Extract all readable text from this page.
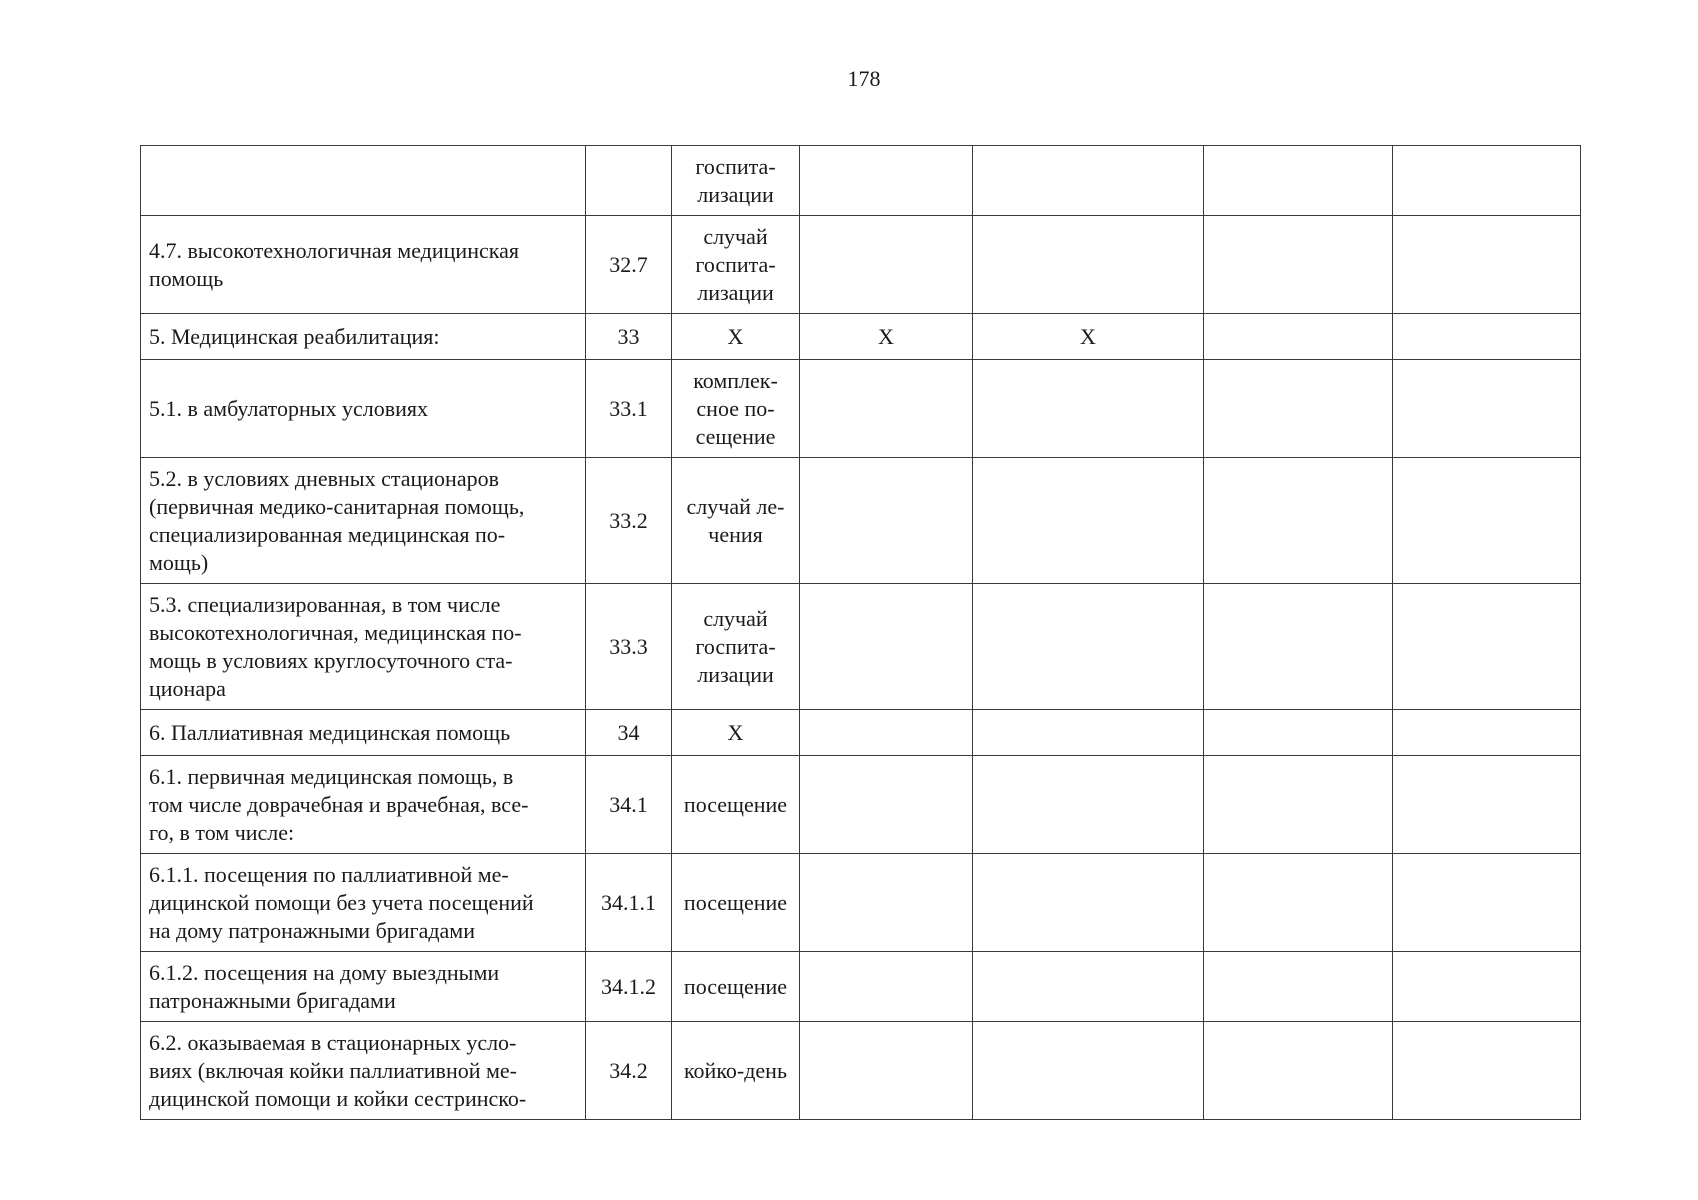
178

		госпита-
лизации				

4.7. высокотехнологичная медицинская помощь	32.7	случай
госпита-
лизации				

5. Медицинская реабилитация:	33	X	X	X		

5.1. в амбулаторных условиях	33.1	комплек-
сное по-
сещение				

5.2. в условиях дневных стационаров
(первичная медико-санитарная помощь,
специализированная медицинская по-
мощь)	33.2	случай ле-
чения				

5.3. специализированная, в том числе
высокотехнологичная, медицинская по-
мощь в условиях круглосуточного ста-
ционара	33.3	случай
госпита-
лизации				

6. Паллиативная медицинская помощь	34	X				

6.1. первичная медицинская помощь, в
том числе доврачебная и врачебная, все-
го, в том числе:	34.1	посещение				

6.1.1. посещения по паллиативной ме-
дицинской помощи без учета посещений
на дому патронажными бригадами	34.1.1	посещение				

6.1.2. посещения на дому выездными
патронажными бригадами	34.1.2	посещение				

6.2. оказываемая в стационарных усло-
виях (включая койки паллиативной ме-
дицинской помощи и койки сестринско-	34.2	койко-день				
